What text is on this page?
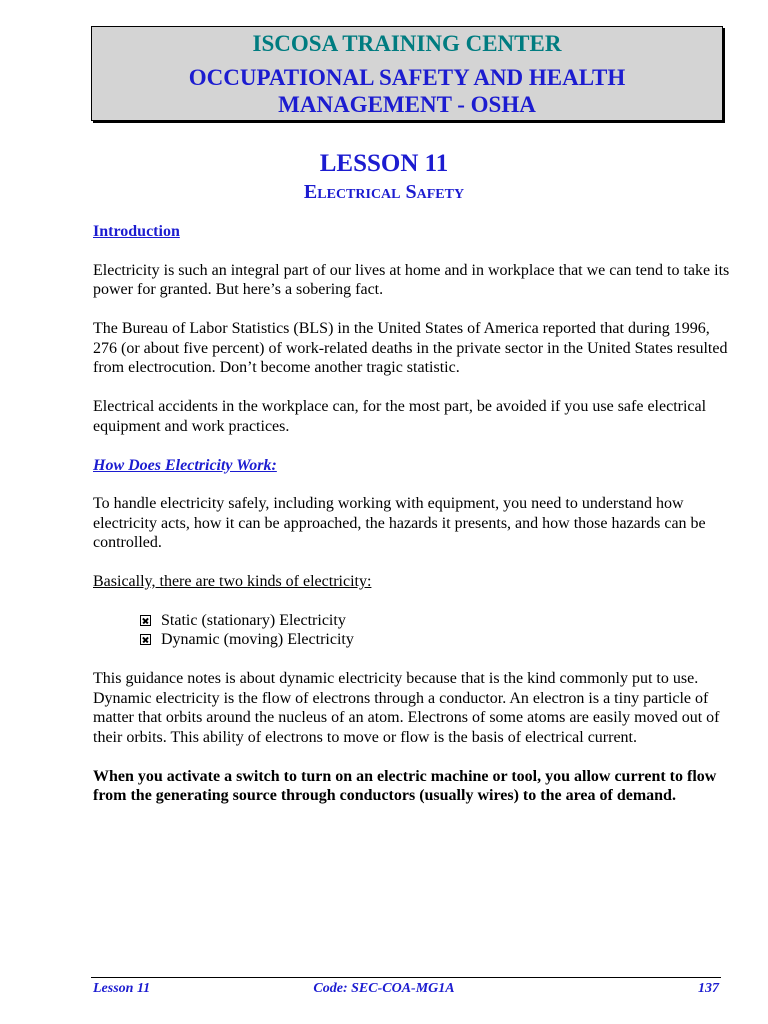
ISCOSA TRAINING CENTER
OCCUPATIONAL SAFETY AND HEALTH
MANAGEMENT - OSHA
LESSON 11
Electrical Safety

Introduction

Electricity is such an integral part of our lives at home and in workplace that we can tend to take its power for granted. But here’s a sobering fact.

The Bureau of Labor Statistics (BLS) in the United States of America reported that during 1996, 276 (or about five percent) of work-related deaths in the private sector in the United States resulted from electrocution. Don’t become another tragic statistic.

Electrical accidents in the workplace can, for the most part, be avoided if you use safe electrical equipment and work practices.

How Does Electricity Work:

To handle electricity safely, including working with equipment, you need to understand how electricity acts, how it can be approached, the hazards it presents, and how those hazards can be controlled.

Basically, there are two kinds of electricity:

Static (stationary) Electricity
Dynamic (moving) Electricity

This guidance notes is about dynamic electricity because that is the kind commonly put to use. Dynamic electricity is the flow of electrons through a conductor. An electron is a tiny particle of matter that orbits around the nucleus of an atom. Electrons of some atoms are easily moved out of their orbits. This ability of electrons to move or flow is the basis of electrical current.

When you activate a switch to turn on an electric machine or tool, you allow current to flow from the generating source through conductors (usually wires) to the area of demand.

Lesson 11	Code: SEC-COA-MG1A	137
